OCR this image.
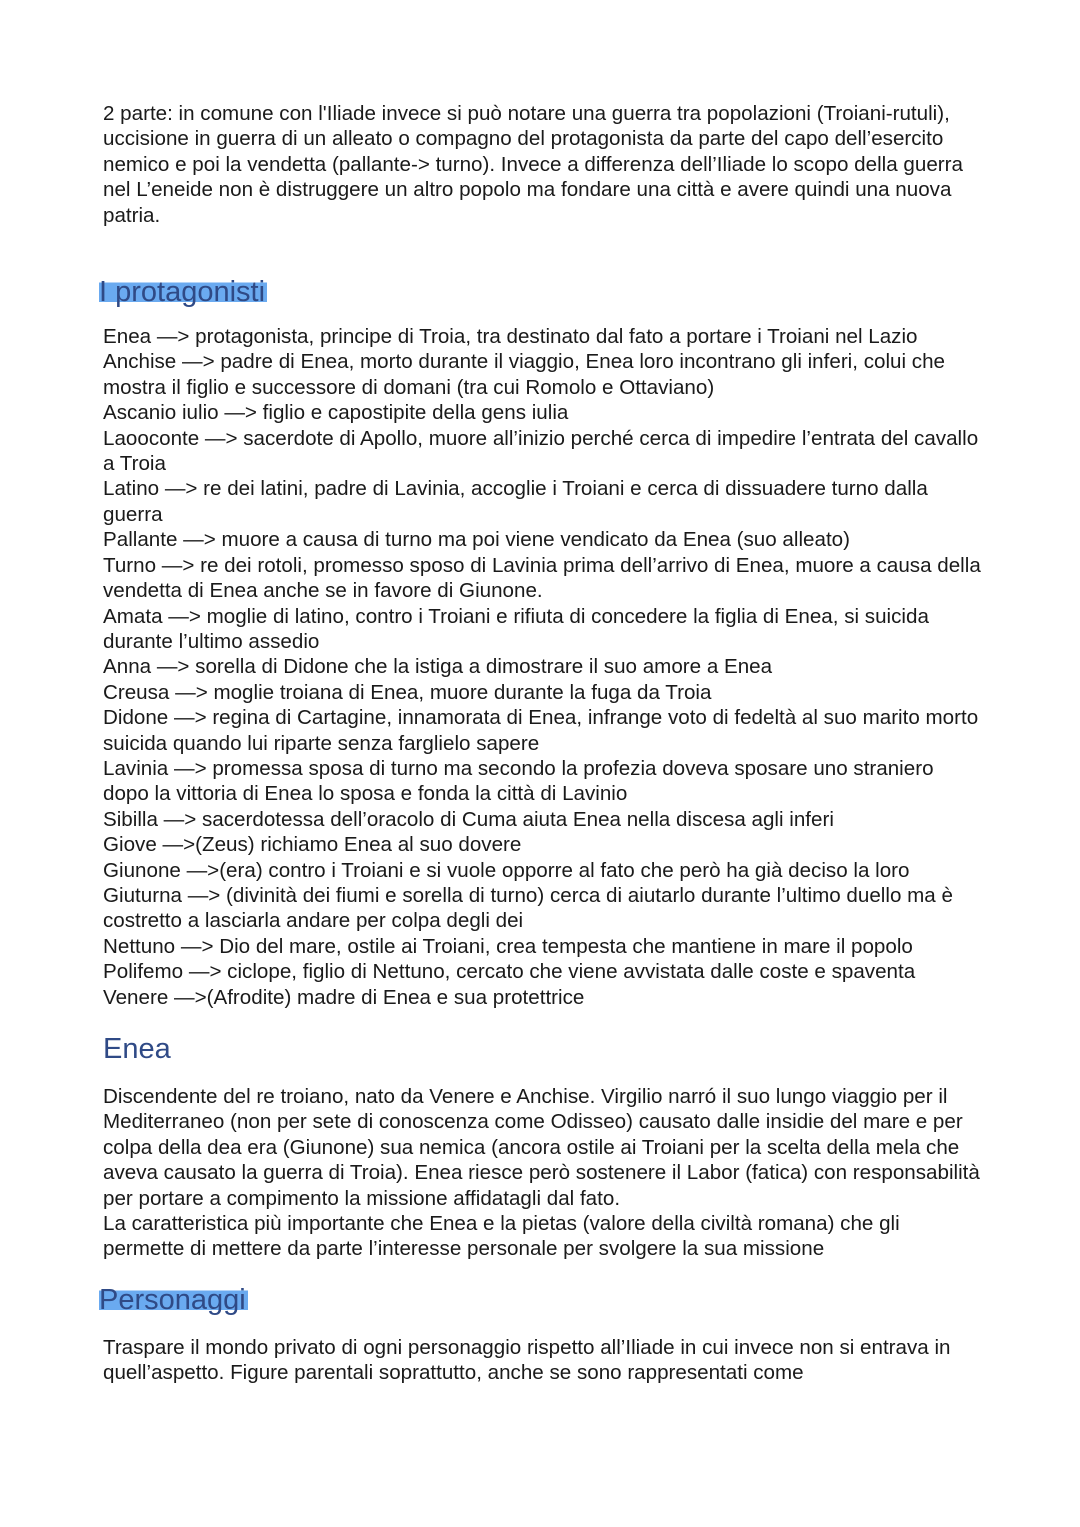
2 parte: in comune con l'Iliade invece si può notare una guerra tra popolazioni (Troiani-rutuli), uccisione in guerra di un alleato o compagno del protagonista da parte del capo dell’esercito nemico e poi la vendetta (pallante-> turno). Invece a differenza dell’Iliade lo scopo della guerra nel L’eneide non è distruggere un altro popolo ma fondare una città e avere quindi una nuova patria.

I protagonisti
Enea —> protagonista, principe di Troia, tra destinato dal fato a portare i Troiani nel Lazio
Anchise —> padre di Enea, morto durante il viaggio, Enea loro incontrano gli inferi, colui che mostra il figlio e successore di domani (tra cui Romolo e Ottaviano)
Ascanio iulio —> figlio e capostipite della gens iulia
Laooconte —> sacerdote di Apollo, muore all’inizio perché cerca di impedire l’entrata del cavallo a Troia
Latino —> re dei latini, padre di Lavinia, accoglie i Troiani e cerca di dissuadere turno dalla guerra
Pallante —> muore a causa di turno ma poi viene vendicato da Enea (suo alleato)
Turno —> re dei rotoli, promesso sposo di Lavinia prima dell’arrivo di Enea, muore a causa della vendetta di Enea anche se in favore di Giunone.
Amata —> moglie di latino, contro i Troiani e rifiuta di concedere la figlia di Enea, si suicida durante l’ultimo assedio
Anna —> sorella di Didone che la istiga a dimostrare il suo amore a Enea
Creusa —> moglie troiana di Enea, muore durante la fuga da Troia
Didone —> regina di Cartagine, innamorata di Enea, infrange voto di fedeltà al suo marito morto suicida quando lui riparte senza farglielo sapere
Lavinia —> promessa sposa di turno ma secondo la profezia doveva sposare uno straniero dopo la vittoria di Enea lo sposa e fonda la città di Lavinio
Sibilla —> sacerdotessa dell’oracolo di Cuma aiuta Enea nella discesa agli inferi
Giove —>(Zeus) richiamo Enea al suo dovere
Giunone —>(era) contro i Troiani e si vuole opporre al fato che però ha già deciso la loro
Giuturna —> (divinità dei fiumi e sorella di turno) cerca di aiutarlo durante l’ultimo duello ma è costretto a lasciarla andare per colpa degli dei
Nettuno —> Dio del mare, ostile ai Troiani, crea tempesta che mantiene in mare il popolo
Polifemo —> ciclope, figlio di Nettuno, cercato che viene avvistata dalle coste e spaventa
Venere —>(Afrodite) madre di Enea e sua protettrice
Enea

Discendente del re troiano, nato da Venere e Anchise. Virgilio narró il suo lungo viaggio per il Mediterraneo (non per sete di conoscenza come Odisseo) causato dalle insidie del mare e per colpa della dea era (Giunone) sua nemica (ancora ostile ai Troiani per la scelta della mela che aveva causato la guerra di Troia). Enea riesce però sostenere il Labor (fatica) con responsabilità per portare a compimento la missione affidatagli dal fato.

La caratteristica più importante che Enea e la pietas (valore della civiltà romana) che gli permette di mettere da parte l’interesse personale per svolgere la sua missione

Personaggi

Traspare il mondo privato di ogni personaggio rispetto all’Iliade in cui invece non si entrava in quell’aspetto. Figure parentali soprattutto, anche se sono rappresentati come
